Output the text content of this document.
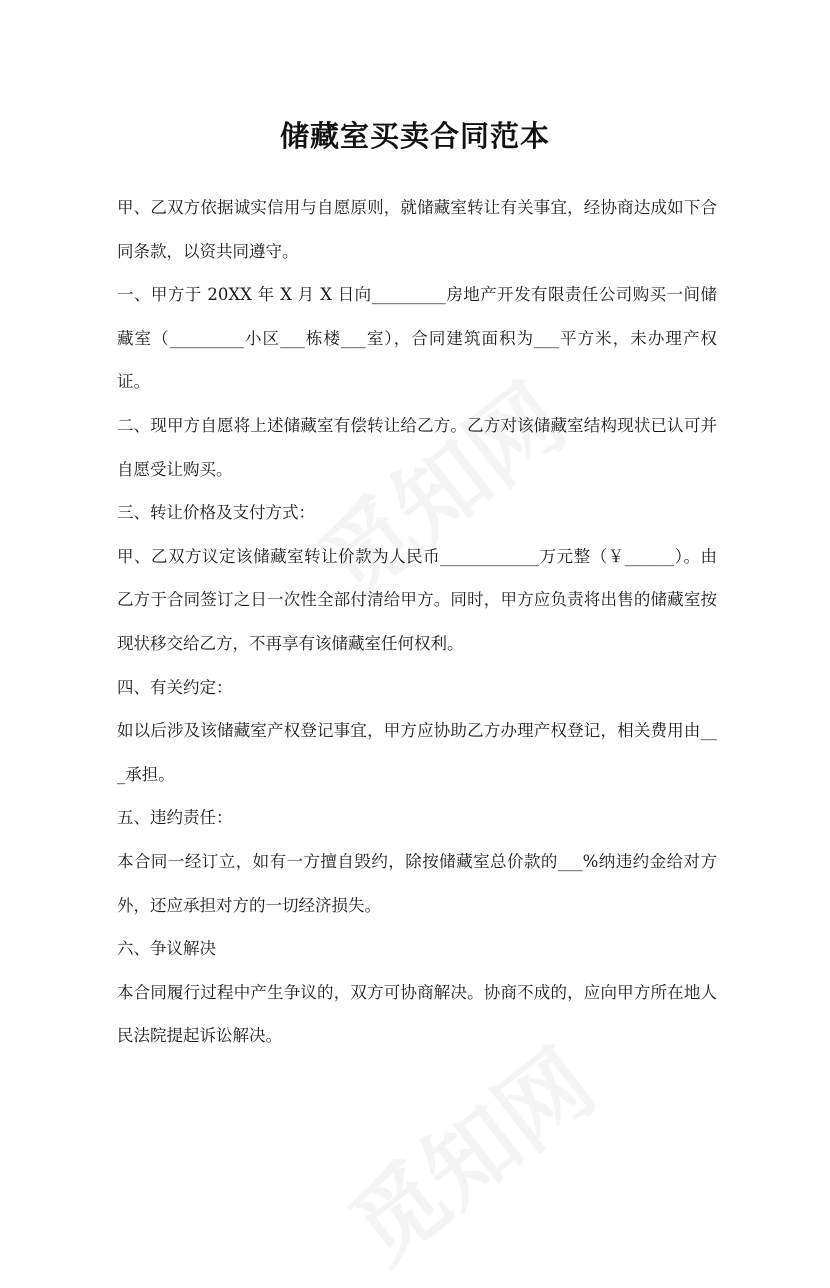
储藏室买卖合同范本

甲、乙双方依据诚实信用与自愿原则，就储藏室转让有关事宜，经协商达成如下合同条款，以资共同遵守。

一、甲方于 20XX 年 X 月 X 日向_________房地产开发有限责任公司购买一间储藏室（_________小区___栋楼___室），合同建筑面积为___平方米，未办理产权证。

二、现甲方自愿将上述储藏室有偿转让给乙方。乙方对该储藏室结构现状已认可并自愿受让购买。

三、转让价格及支付方式：

甲、乙双方议定该储藏室转让价款为人民币____________万元整（￥______）。由乙方于合同签订之日一次性全部付清给甲方。同时，甲方应负责将出售的储藏室按现状移交给乙方，不再享有该储藏室任何权利。

四、有关约定：

如以后涉及该储藏室产权登记事宜，甲方应协助乙方办理产权登记，相关费用由___承担。

五、违约责任：

本合同一经订立，如有一方擅自毁约，除按储藏室总价款的___%纳违约金给对方外，还应承担对方的一切经济损失。

六、争议解决

本合同履行过程中产生争议的，双方可协商解决。协商不成的，应向甲方所在地人民法院提起诉讼解决。
